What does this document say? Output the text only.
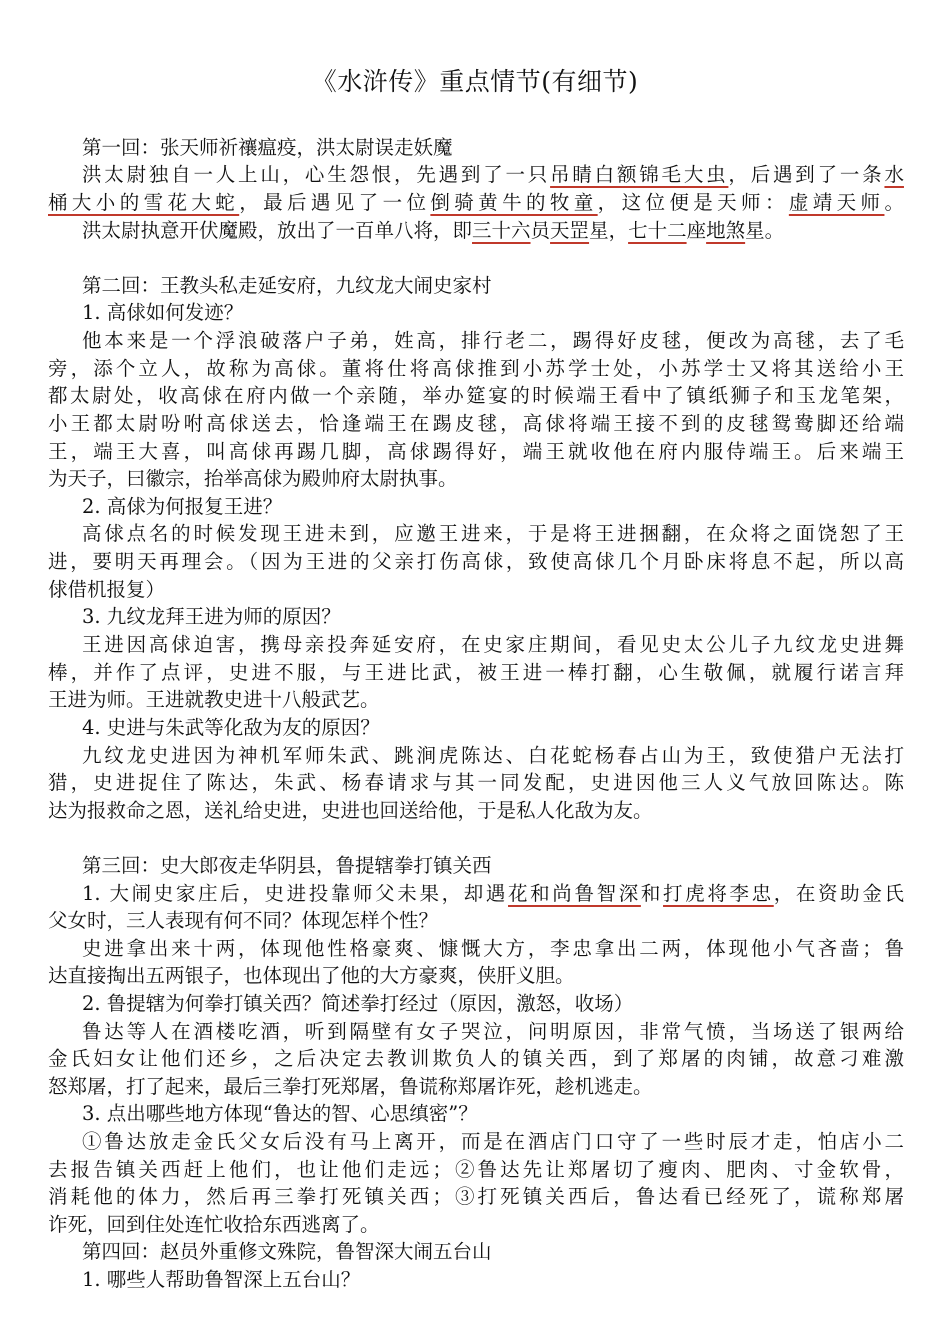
《水浒传》重点情节(有细节)
第一回：张天师祈禳瘟疫，洪太尉误走妖魔
洪太尉独自一人上山，心生怨恨，先遇到了一只吊睛白额锦毛大虫，后遇到了一条水
桶大小的雪花大蛇，最后遇见了一位倒骑黄牛的牧童，这位便是天师：虚靖天师。
洪太尉执意开伏魔殿，放出了一百单八将，即三十六员天罡星，七十二座地煞星。
第二回：王教头私走延安府，九纹龙大闹史家村
1. 高俅如何发迹？
他本来是一个浮浪破落户子弟，姓高，排行老二，踢得好皮毬，便改为高毬，去了毛
旁，添个立人，故称为高俅。董将仕将高俅推到小苏学士处，小苏学士又将其送给小王
都太尉处，收高俅在府内做一个亲随，举办筵宴的时候端王看中了镇纸狮子和玉龙笔架，
小王都太尉吩咐高俅送去，恰逢端王在踢皮毬，高俅将端王接不到的皮毬鸳鸯脚还给端
王，端王大喜，叫高俅再踢几脚，高俅踢得好，端王就收他在府内服侍端王。后来端王
为天子，曰徽宗，抬举高俅为殿帅府太尉执事。
2. 高俅为何报复王进？
高俅点名的时候发现王进未到，应邀王进来，于是将王进捆翻，在众将之面饶恕了王
进，要明天再理会。（因为王进的父亲打伤高俅，致使高俅几个月卧床将息不起，所以高
俅借机报复）
3. 九纹龙拜王进为师的原因？
王进因高俅迫害，携母亲投奔延安府，在史家庄期间，看见史太公儿子九纹龙史进舞
棒，并作了点评，史进不服，与王进比武，被王进一棒打翻，心生敬佩，就履行诺言拜
王进为师。王进就教史进十八般武艺。
4. 史进与朱武等化敌为友的原因？
九纹龙史进因为神机军师朱武、跳涧虎陈达、白花蛇杨春占山为王，致使猎户无法打
猎，史进捉住了陈达，朱武、杨春请求与其一同发配，史进因他三人义气放回陈达。陈
达为报救命之恩，送礼给史进，史进也回送给他，于是私人化敌为友。
第三回：史大郎夜走华阴县，鲁提辖拳打镇关西
1. 大闹史家庄后，史进投靠师父未果，却遇花和尚鲁智深和打虎将李忠，在资助金氏
父女时，三人表现有何不同？体现怎样个性？
史进拿出来十两，体现他性格豪爽、慷慨大方，李忠拿出二两，体现他小气吝啬；鲁
达直接掏出五两银子，也体现出了他的大方豪爽，侠肝义胆。
2. 鲁提辖为何拳打镇关西？简述拳打经过（原因，激怒，收场）
鲁达等人在酒楼吃酒，听到隔壁有女子哭泣，问明原因，非常气愤，当场送了银两给
金氏妇女让他们还乡，之后决定去教训欺负人的镇关西，到了郑屠的肉铺，故意刁难激
怒郑屠，打了起来，最后三拳打死郑屠，鲁谎称郑屠诈死，趁机逃走。
3. 点出哪些地方体现“鲁达的智、心思缜密”？
①鲁达放走金氏父女后没有马上离开，而是在酒店门口守了一些时辰才走，怕店小二
去报告镇关西赶上他们，也让他们走远；②鲁达先让郑屠切了瘦肉、肥肉、寸金软骨，
消耗他的体力，然后再三拳打死镇关西；③打死镇关西后，鲁达看已经死了，谎称郑屠
诈死，回到住处连忙收拾东西逃离了。
第四回：赵员外重修文殊院，鲁智深大闹五台山
1. 哪些人帮助鲁智深上五台山？
